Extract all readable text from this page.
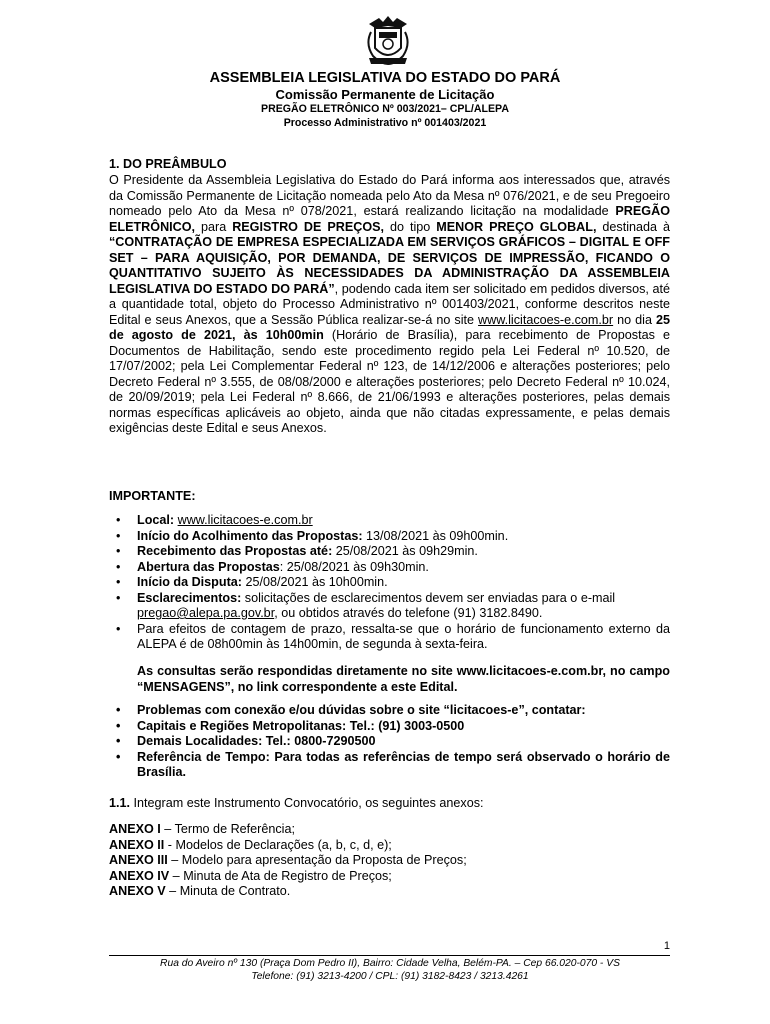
ASSEMBLEIA LEGISLATIVA DO ESTADO DO PARÁ
Comissão Permanente de Licitação
PREGÃO ELETRÔNICO Nº 003/2021– CPL/ALEPA
Processo Administrativo nº 001403/2021
1. DO PREÂMBULO
O Presidente da Assembleia Legislativa do Estado do Pará informa aos interessados que, através da Comissão Permanente de Licitação nomeada pelo Ato da Mesa nº 076/2021, e de seu Pregoeiro nomeado pelo Ato da Mesa nº 078/2021, estará realizando licitação na modalidade PREGÃO ELETRÔNICO, para REGISTRO DE PREÇOS, do tipo MENOR PREÇO GLOBAL, destinada à “CONTRATAÇÃO DE EMPRESA ESPECIALIZADA EM SERVIÇOS GRÁFICOS – DIGITAL E OFF SET – PARA AQUISIÇÃO, POR DEMANDA, DE SERVIÇOS DE IMPRESSÃO, FICANDO O QUANTITATIVO SUJEITO ÀS NECESSIDADES DA ADMINISTRAÇÃO DA ASSEMBLEIA LEGISLATIVA DO ESTADO DO PARÁ”, podendo cada item ser solicitado em pedidos diversos, até a quantidade total, objeto do Processo Administrativo nº 001403/2021, conforme descritos neste Edital e seus Anexos, que a Sessão Pública realizar-se-á no site www.licitacoes-e.com.br no dia 25 de agosto de 2021, às 10h00min (Horário de Brasília), para recebimento de Propostas e Documentos de Habilitação, sendo este procedimento regido pela Lei Federal nº 10.520, de 17/07/2002; pela Lei Complementar Federal nº 123, de 14/12/2006 e alterações posteriores; pelo Decreto Federal nº 3.555, de 08/08/2000 e alterações posteriores; pelo Decreto Federal nº 10.024, de 20/09/2019; pela Lei Federal nº 8.666, de 21/06/1993 e alterações posteriores, pelas demais normas específicas aplicáveis ao objeto, ainda que não citadas expressamente, e pelas demais exigências deste Edital e seus Anexos.
IMPORTANTE:
• Local: www.licitacoes-e.com.br
• Início do Acolhimento das Propostas: 13/08/2021 às 09h00min.
• Recebimento das Propostas até: 25/08/2021 às 09h29min.
• Abertura das Propostas: 25/08/2021 às 09h30min.
• Início da Disputa: 25/08/2021 às 10h00min.
• Esclarecimentos: solicitações de esclarecimentos devem ser enviadas para o e-mail pregao@alepa.pa.gov.br, ou obtidos através do telefone (91) 3182.8490.
• Para efeitos de contagem de prazo, ressalta-se que o horário de funcionamento externo da ALEPA é de 08h00min às 14h00min, de segunda à sexta-feira.
As consultas serão respondidas diretamente no site www.licitacoes-e.com.br, no campo “MENSAGENS”, no link correspondente a este Edital.
• Problemas com conexão e/ou dúvidas sobre o site “licitacoes-e”, contatar:
• Capitais e Regiões Metropolitanas: Tel.: (91) 3003-0500
• Demais Localidades: Tel.: 0800-7290500
• Referência de Tempo: Para todas as referências de tempo será observado o horário de Brasília.
1.1. Integram este Instrumento Convocatório, os seguintes anexos:
ANEXO I – Termo de Referência;
ANEXO II - Modelos de Declarações (a, b, c, d, e);
ANEXO III – Modelo para apresentação da Proposta de Preços;
ANEXO IV – Minuta de Ata de Registro de Preços;
ANEXO V – Minuta de Contrato.
1
Rua do Aveiro nº 130 (Praça Dom Pedro II), Bairro: Cidade Velha, Belém-PA. – Cep 66.020-070 - VS
Telefone: (91) 3213-4200 / CPL: (91) 3182-8423 / 3213.4261
